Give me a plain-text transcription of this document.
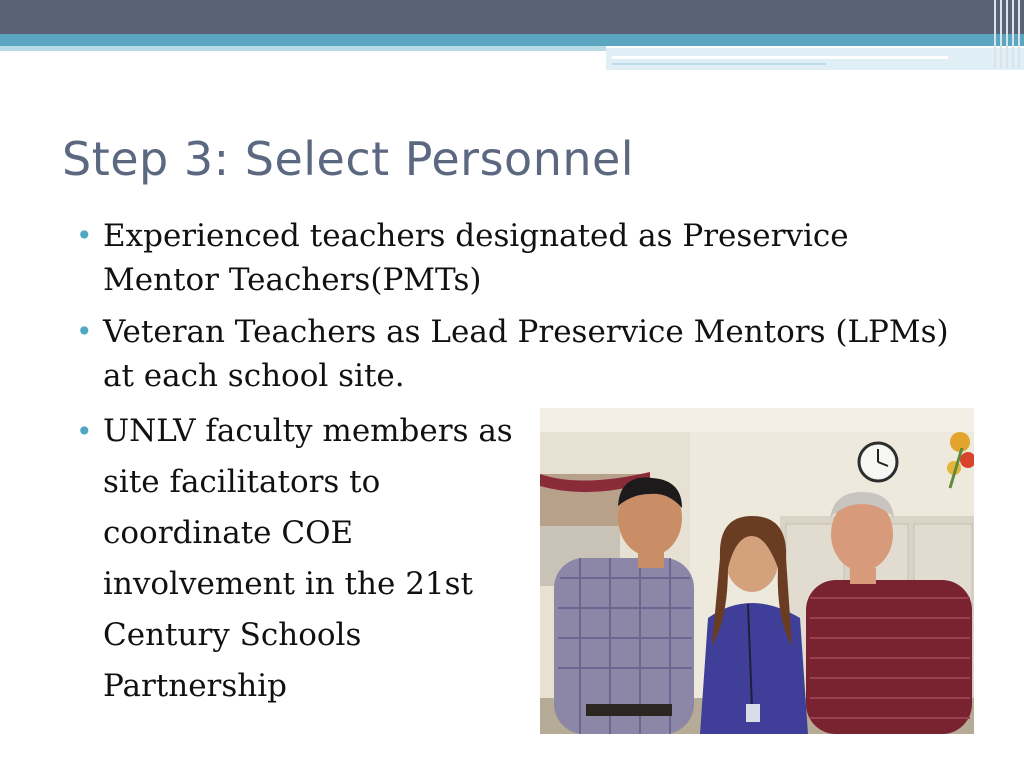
Step 3: Select Personnel
• Experienced teachers designated as Preservice Mentor Teachers(PMTs)
• Veteran Teachers as Lead Preservice Mentors (LPMs) at each school site.
• UNLV faculty members as site facilitators to coordinate COE involvement in the 21st Century Schools Partnership
